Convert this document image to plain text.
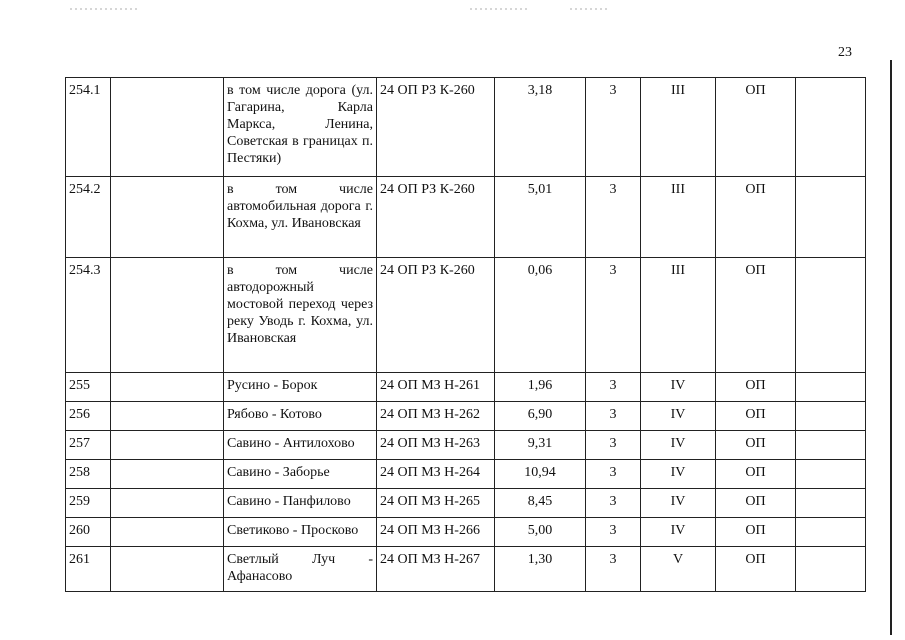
23
254.1		в том числе дорога (ул. Гагарина, Карла Маркса, Ленина, Советская в границах п. Пестяки)	24 ОП РЗ К-260	3,18	3	III	ОП	
254.2		в том числе автомобильная дорога г. Кохма, ул. Ивановская	24 ОП РЗ К-260	5,01	3	III	ОП	
254.3		в том числе автодорожный мостовой переход через реку Уводь г. Кохма, ул. Ивановская	24 ОП РЗ К-260	0,06	3	III	ОП	
255		Русино - Борок	24 ОП МЗ Н-261	1,96	3	IV	ОП	
256		Рябово - Котово	24 ОП МЗ Н-262	6,90	3	IV	ОП	
257		Савино - Антилохово	24 ОП МЗ Н-263	9,31	3	IV	ОП	
258		Савино - Заборье	24 ОП МЗ Н-264	10,94	3	IV	ОП	
259		Савино - Панфилово	24 ОП МЗ Н-265	8,45	3	IV	ОП	
260		Светиково - Просково	24 ОП МЗ Н-266	5,00	3	IV	ОП	
261		Светлый Луч - Афанасово	24 ОП МЗ Н-267	1,30	3	V	ОП	
